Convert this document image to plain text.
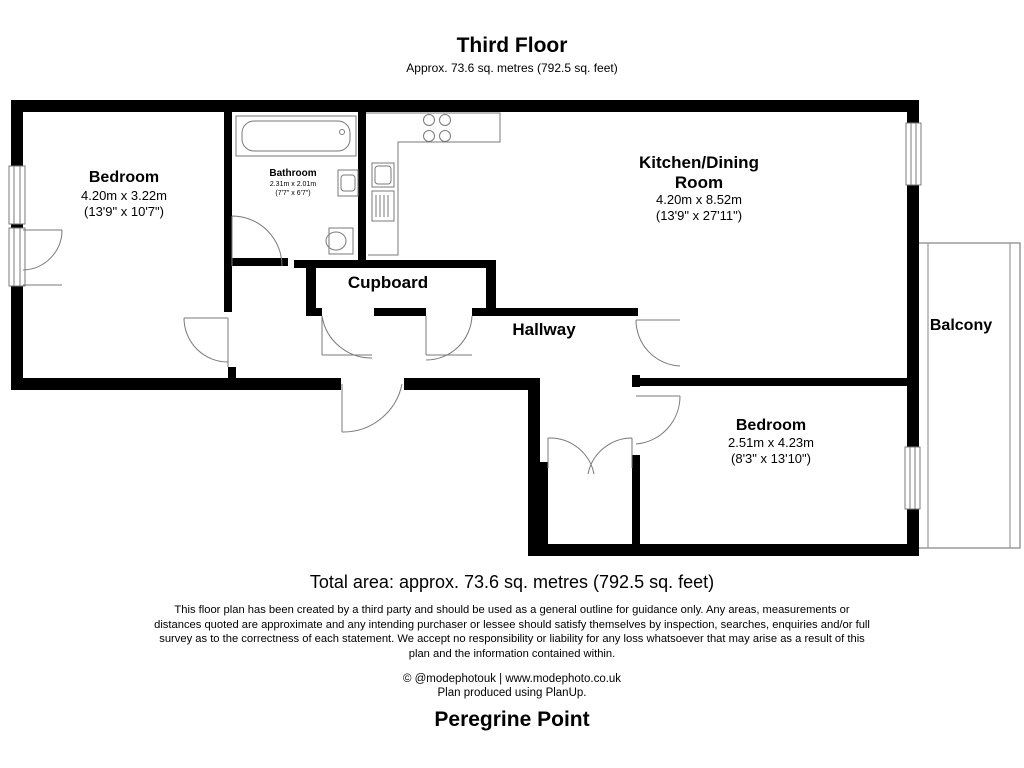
Third Floor
Approx. 73.6 sq. metres (792.5 sq. feet)
Bedroom
4.20m x 3.22m
(13'9" x 10'7")
Bathroom
2.31m x 2.01m
(7'7" x 6'7")
Kitchen/Dining
Room
4.20m x 8.52m
(13'9" x 27'11")
Cupboard
Hallway	Balcony
Bedroom
2.51m x 4.23m
(8'3" x 13'10")
Total area: approx. 73.6 sq. metres (792.5 sq. feet)
This floor plan has been created by a third party and should be used as a general outline for guidance only. Any areas, measurements or distances quoted are approximate and any intending purchaser or lessee should satisfy themselves by inspection, searches, enquiries and/or full survey as to the correctness of each statement. We accept no responsibility or liability for any loss whatsoever that may arise as a result of this plan and the information contained within.
© @modephotouk | www.modephoto.co.uk
Plan produced using PlanUp.
Peregrine Point
